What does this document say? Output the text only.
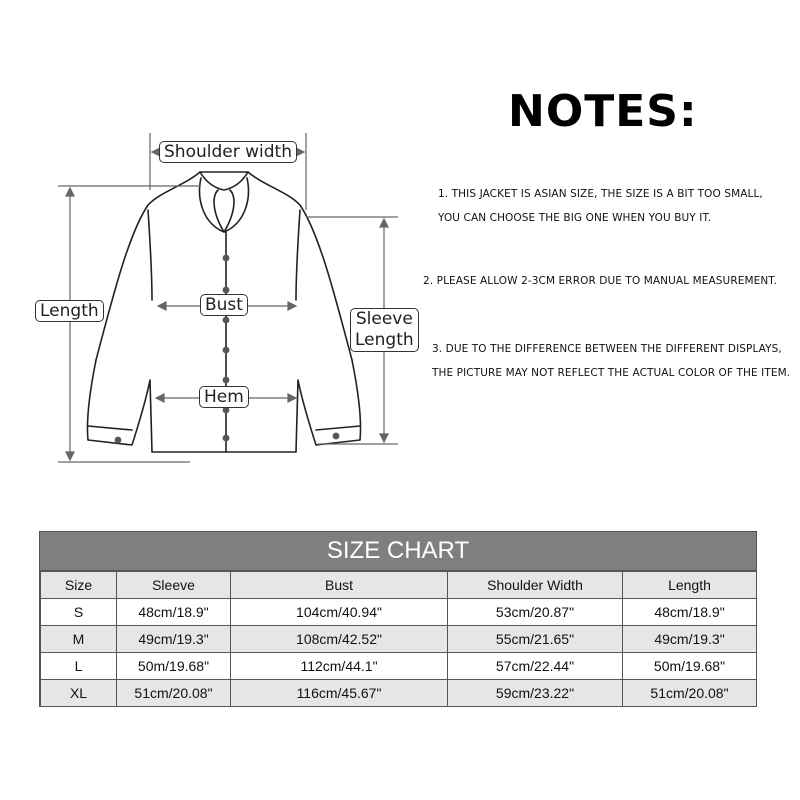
Shoulder width
Length	Bust
Sleeve
Length
Hem
NOTES:
1. THIS JACKET IS ASIAN SIZE, THE SIZE IS A BIT TOO SMALL,
YOU CAN CHOOSE THE BIG ONE WHEN YOU BUY IT.
2. PLEASE ALLOW 2-3CM ERROR DUE TO MANUAL MEASUREMENT.
3. DUE TO THE DIFFERENCE BETWEEN THE DIFFERENT DISPLAYS,
THE PICTURE MAY NOT REFLECT THE ACTUAL COLOR OF THE ITEM.
SIZE CHART
Size	Sleeve	Bust	Shoulder Width	Length
S	48cm/18.9"	104cm/40.94"	53cm/20.87"	48cm/18.9"
M	49cm/19.3"	108cm/42.52"	55cm/21.65"	49cm/19.3"
L	50m/19.68"	112cm/44.1"	57cm/22.44"	50m/19.68"
XL	51cm/20.08"	116cm/45.67"	59cm/23.22"	51cm/20.08"
